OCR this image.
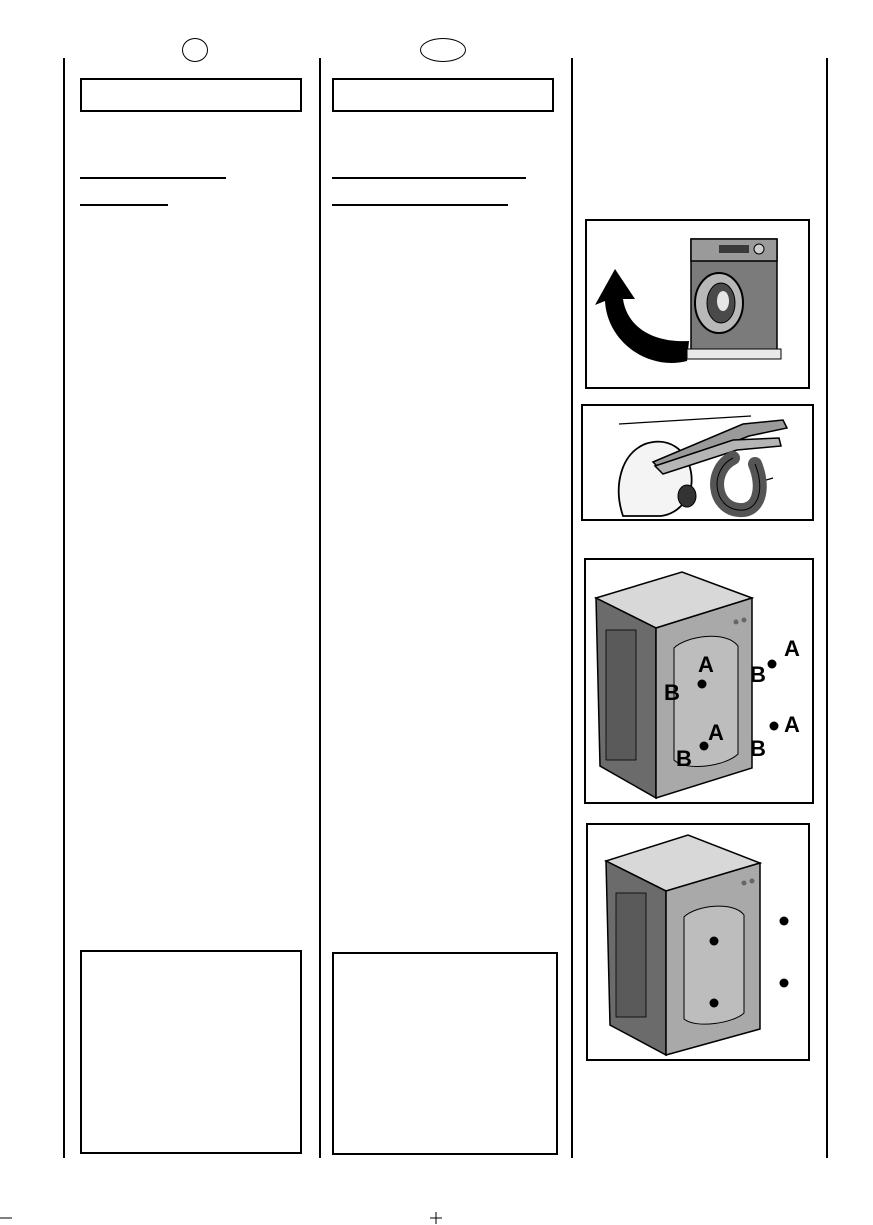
A
B
A
B
A
B
A
B
